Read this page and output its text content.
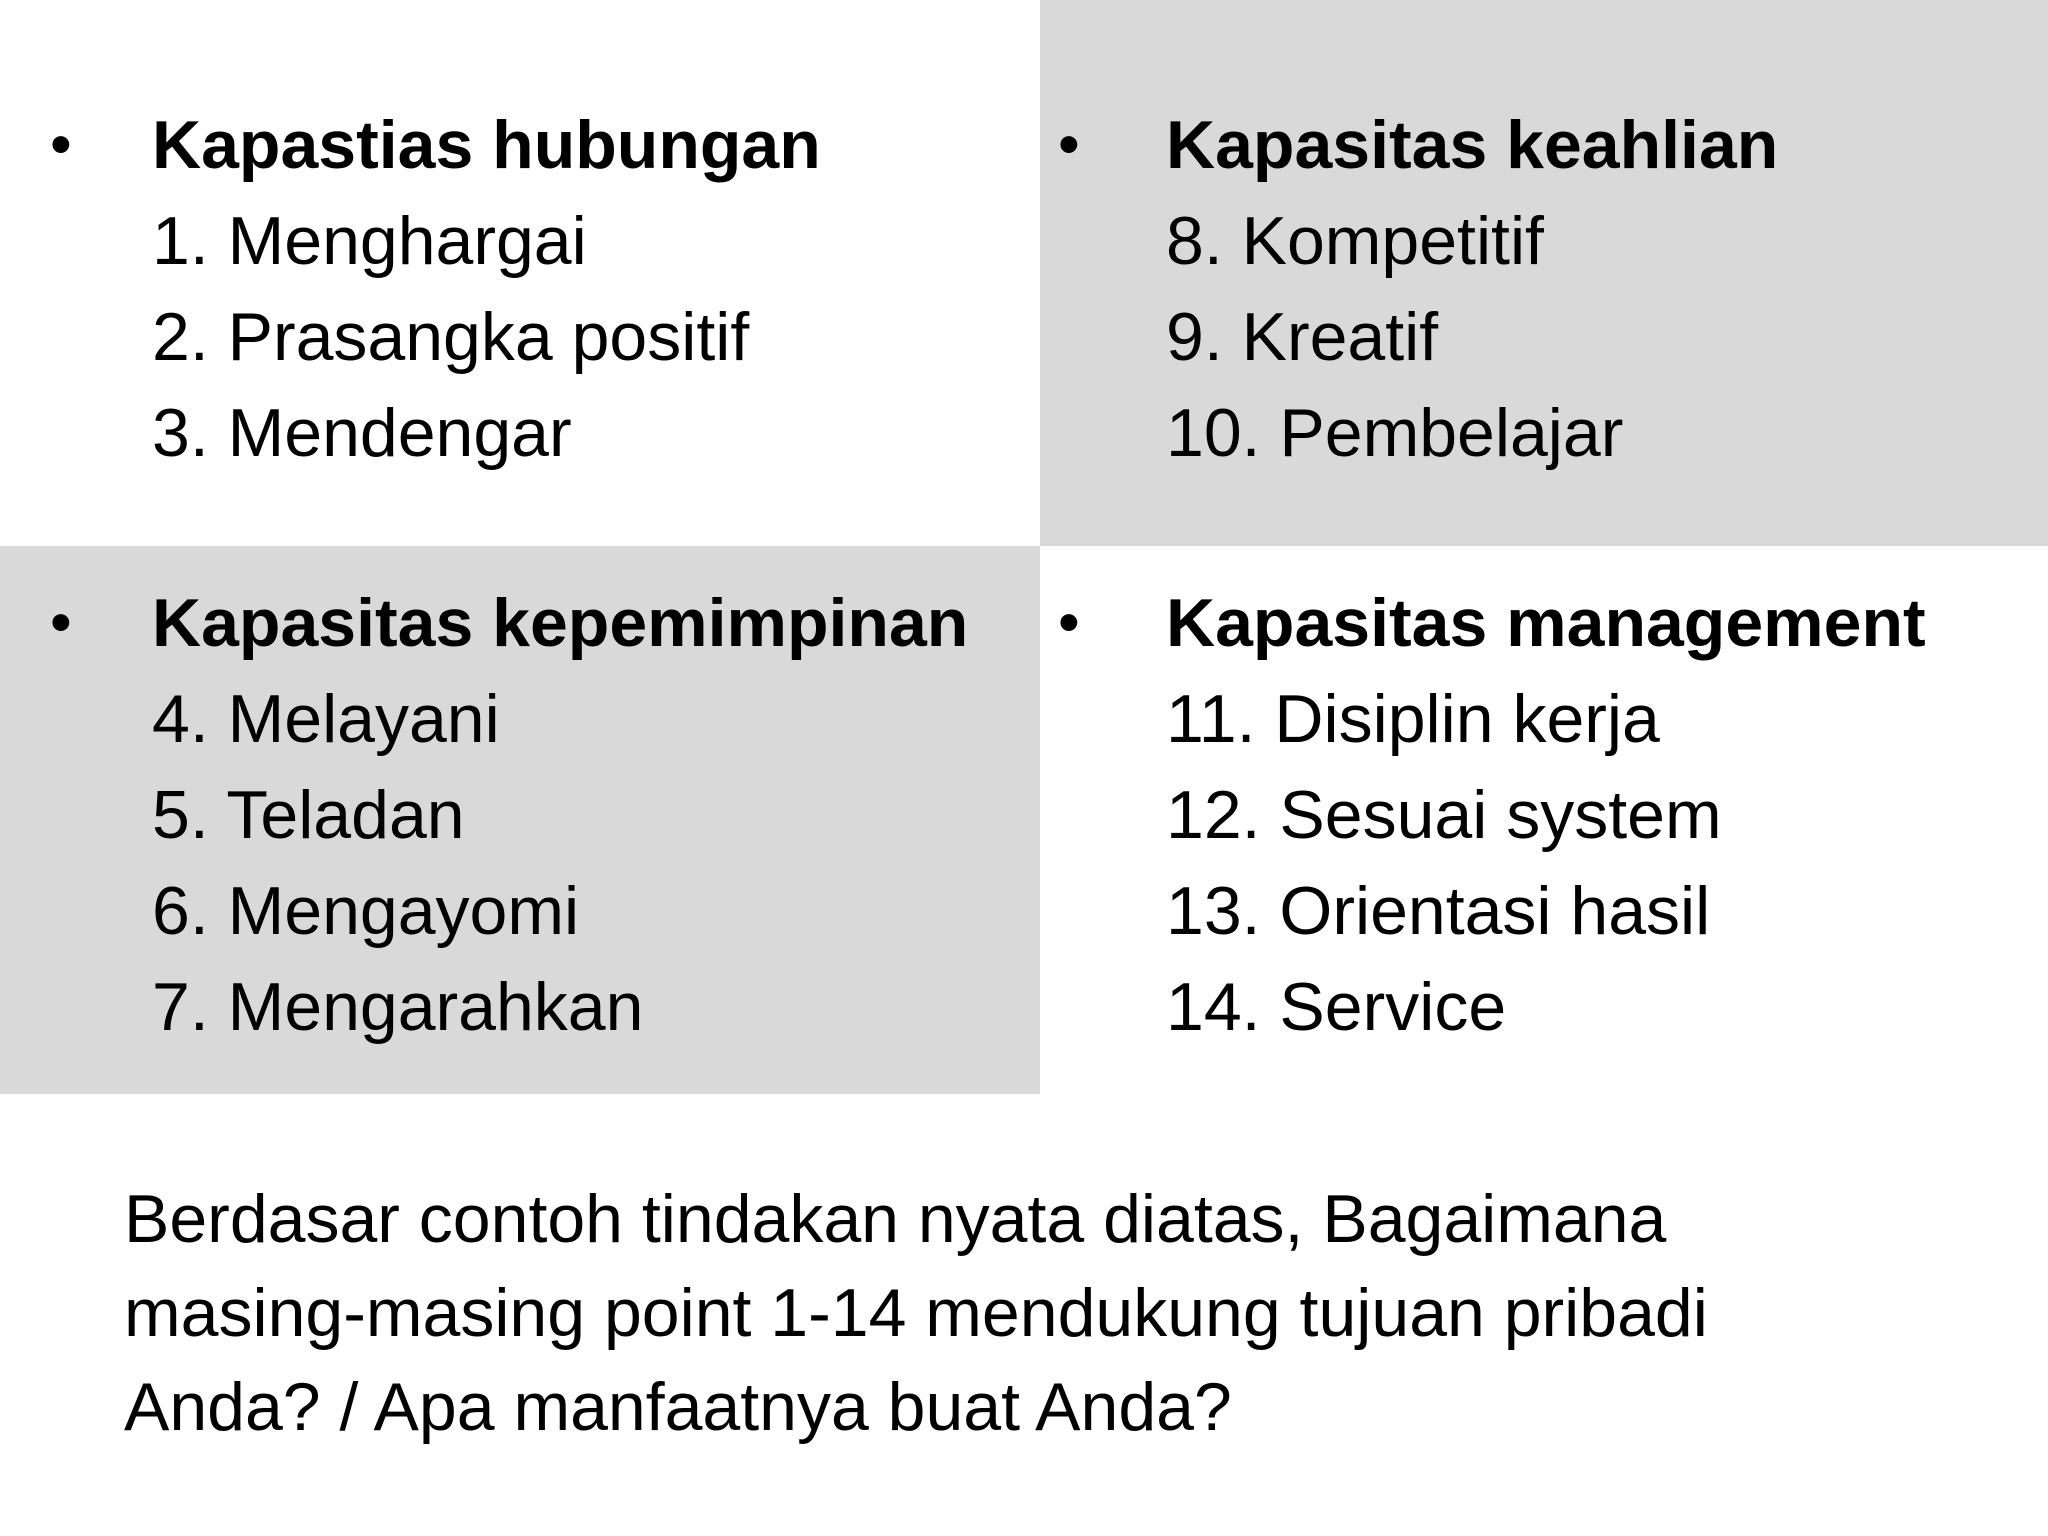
• Kapastias hubungan
1. Menghargai
2. Prasangka positif
3. Mendengar
• Kapasitas keahlian
8. Kompetitif
9. Kreatif
10. Pembelajar
• Kapasitas kepemimpinan
4. Melayani
5. Teladan
6. Mengayomi
7. Mengarahkan
• Kapasitas management
11. Disiplin kerja
12. Sesuai system
13. Orientasi hasil
14. Service
Berdasar contoh tindakan nyata diatas, Bagaimana
masing-masing point 1-14 mendukung tujuan pribadi
Anda? / Apa manfaatnya buat Anda?
